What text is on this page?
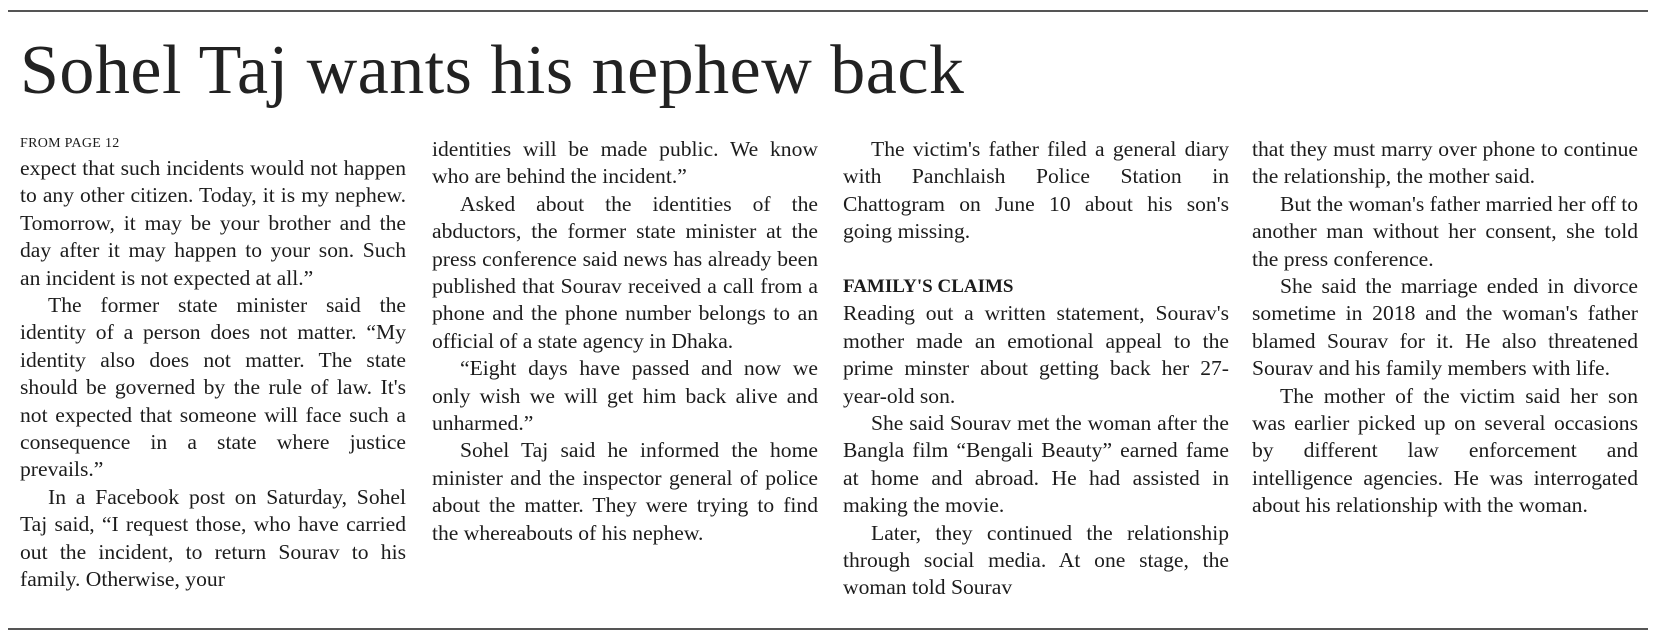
Sohel Taj wants his nephew back
FROM PAGE 12

expect that such incidents would not happen to any other citizen. Today, it is my nephew. Tomorrow, it may be your brother and the day after it may happen to your son. Such an incident is not expected at all.”

The former state minister said the identity of a person does not matter. “My identity also does not matter. The state should be governed by the rule of law. It's not expected that someone will face such a consequence in a state where justice prevails.”

In a Facebook post on Saturday, Sohel Taj said, “I request those, who have carried out the incident, to return Sourav to his family. Otherwise, your

identities will be made public. We know who are behind the incident.”

Asked about the identities of the abductors, the former state minister at the press conference said news has already been published that Sourav received a call from a phone and the phone number belongs to an official of a state agency in Dhaka.

“Eight days have passed and now we only wish we will get him back alive and unharmed.”

Sohel Taj said he informed the home minister and the inspector general of police about the matter. They were trying to find the whereabouts of his nephew.

The victim's father filed a general diary with Panchlaish Police Station in Chattogram on June 10 about his son's going missing.

FAMILY'S CLAIMS

Reading out a written statement, Sourav's mother made an emotional appeal to the prime minster about getting back her 27-year-old son.

She said Sourav met the woman after the Bangla film “Bengali Beauty” earned fame at home and abroad. He had assisted in making the movie.

Later, they continued the relationship through social media. At one stage, the woman told Sourav

that they must marry over phone to continue the relationship, the mother said.

But the woman's father married her off to another man without her consent, she told the press conference.

She said the marriage ended in divorce sometime in 2018 and the woman's father blamed Sourav for it. He also threatened Sourav and his family members with life.

The mother of the victim said her son was earlier picked up on several occasions by different law enforcement and intelligence agencies. He was interrogated about his relationship with the woman.
